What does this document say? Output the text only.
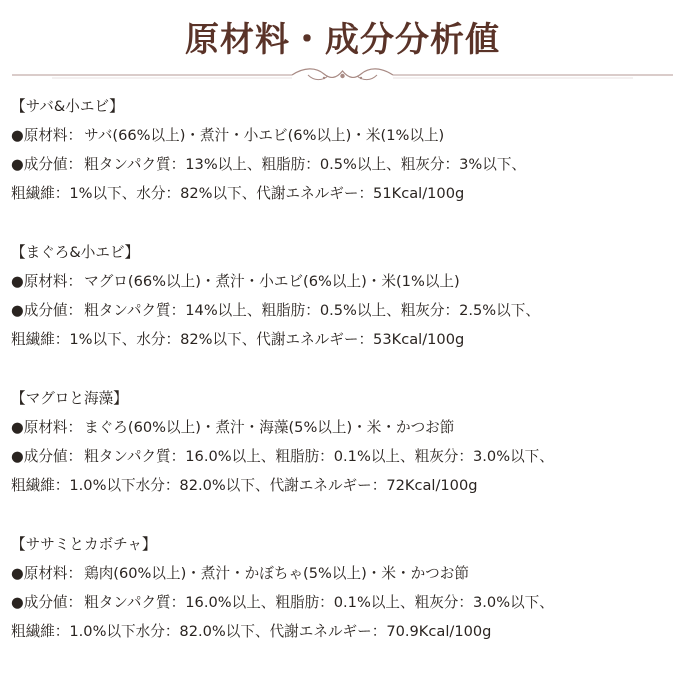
原材料・成分分析値
【サバ&小エビ】
●原材料： サバ(66%以上)・煮汁・小エビ(6%以上)・米(1%以上)
●成分値： 粗タンパク質：13%以上、粗脂肪：0.5%以上、粗灰分：3%以下、
粗繊維：1%以下、水分：82%以下、代謝エネルギー：51Kcal/100g
【まぐろ&小エビ】
●原材料： マグロ(66%以上)・煮汁・小エビ(6%以上)・米(1%以上)
●成分値： 粗タンパク質：14%以上、粗脂肪：0.5%以上、粗灰分：2.5%以下、
粗繊維：1%以下、水分：82%以下、代謝エネルギー：53Kcal/100g
【マグロと海藻】
●原材料： まぐろ(60%以上)・煮汁・海藻(5%以上)・米・かつお節
●成分値： 粗タンパク質：16.0%以上、粗脂肪：0.1%以上、粗灰分：3.0%以下、
粗繊維：1.0%以下水分：82.0%以下、代謝エネルギー：72Kcal/100g
【ササミとカボチャ】
●原材料： 鶏肉(60%以上)・煮汁・かぼちゃ(5%以上)・米・かつお節
●成分値： 粗タンパク質：16.0%以上、粗脂肪：0.1%以上、粗灰分：3.0%以下、
粗繊維：1.0%以下水分：82.0%以下、代謝エネルギー：70.9Kcal/100g
